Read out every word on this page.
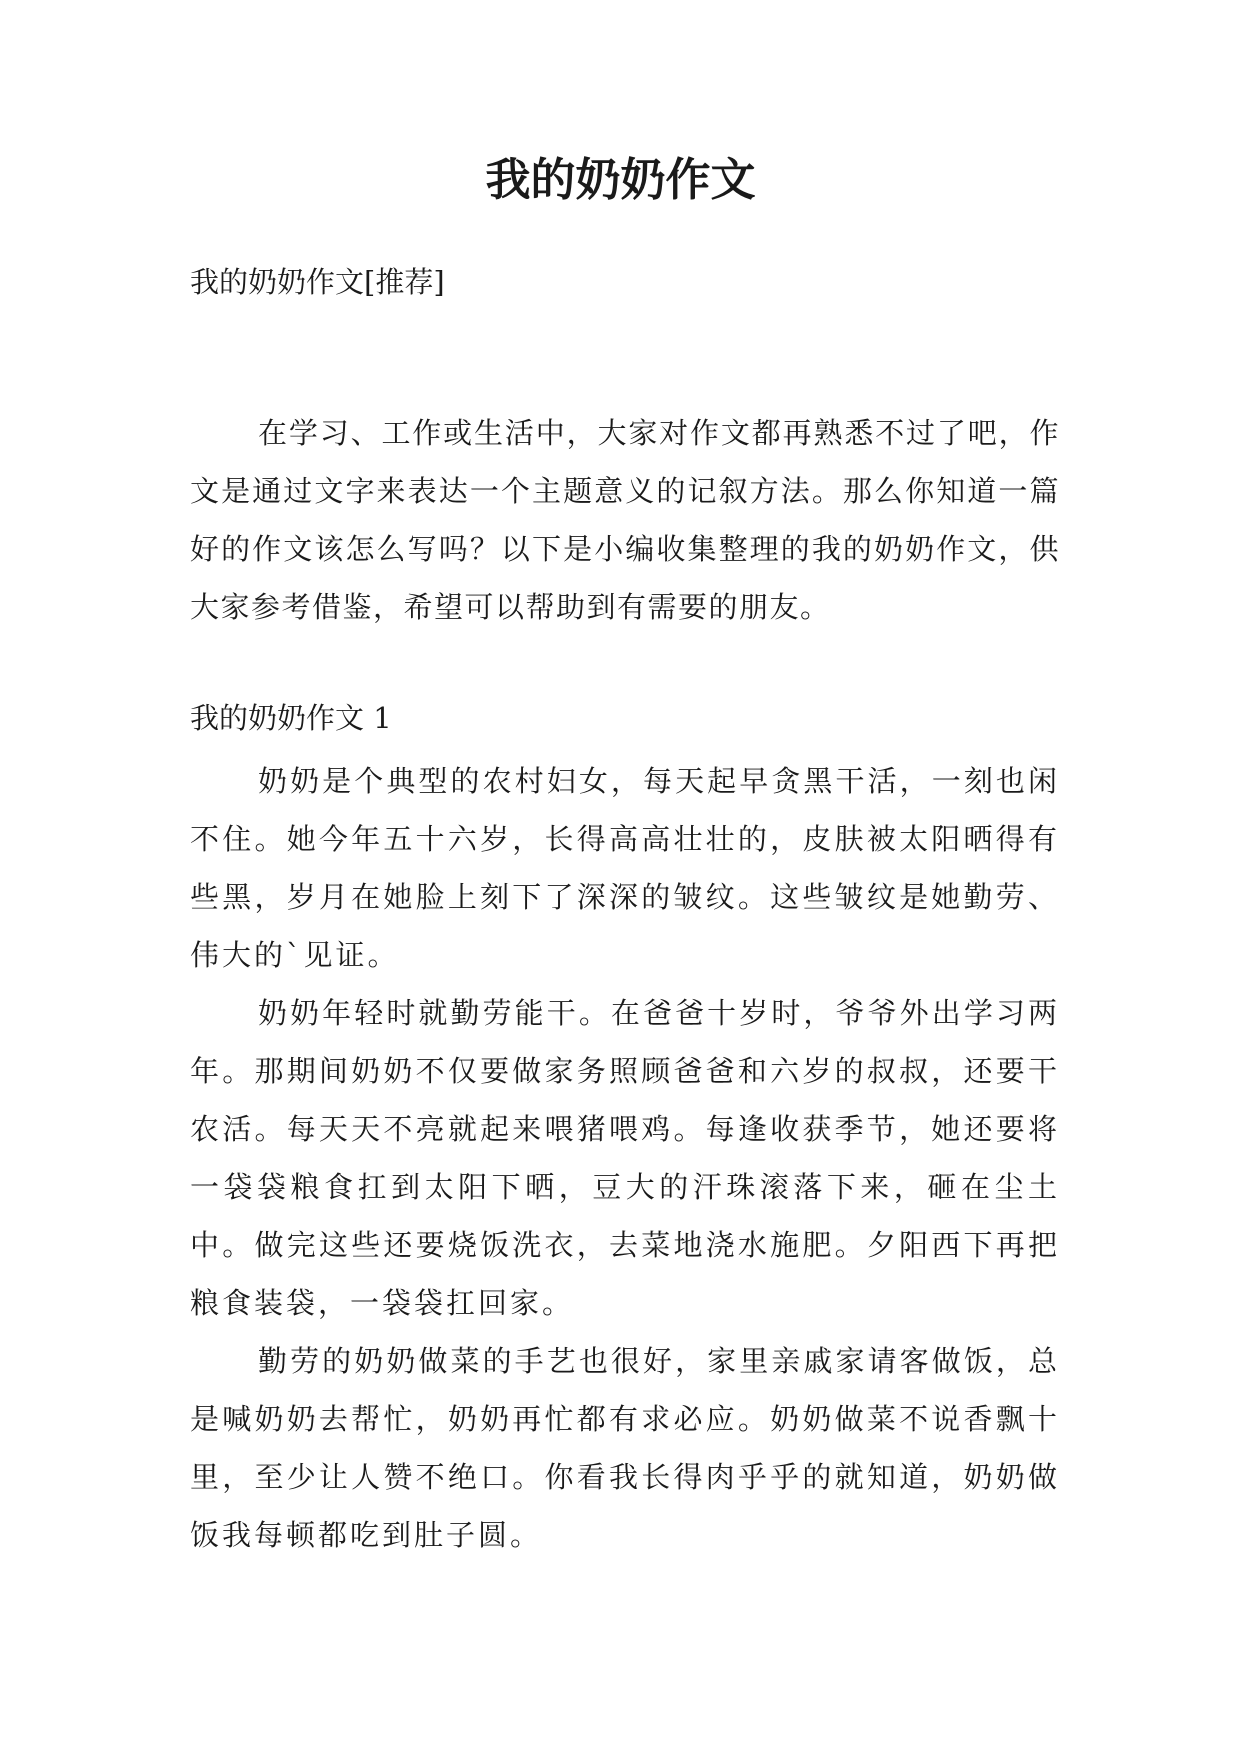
我的奶奶作文
我的奶奶作文[推荐]

在学习、工作或生活中，大家对作文都再熟悉不过了吧，作文是通过文字来表达一个主题意义的记叙方法。那么你知道一篇好的作文该怎么写吗？以下是小编收集整理的我的奶奶作文，供大家参考借鉴，希望可以帮助到有需要的朋友。

我的奶奶作文 1

奶奶是个典型的农村妇女，每天起早贪黑干活，一刻也闲不住。她今年五十六岁，长得高高壮壮的，皮肤被太阳晒得有些黑，岁月在她脸上刻下了深深的皱纹。这些皱纹是她勤劳、伟大的`见证。

奶奶年轻时就勤劳能干。在爸爸十岁时，爷爷外出学习两年。那期间奶奶不仅要做家务照顾爸爸和六岁的叔叔，还要干农活。每天天不亮就起来喂猪喂鸡。每逢收获季节，她还要将一袋袋粮食扛到太阳下晒，豆大的汗珠滚落下来，砸在尘土中。做完这些还要烧饭洗衣，去菜地浇水施肥。夕阳西下再把粮食装袋，一袋袋扛回家。

勤劳的奶奶做菜的手艺也很好，家里亲戚家请客做饭，总是喊奶奶去帮忙，奶奶再忙都有求必应。奶奶做菜不说香飘十里，至少让人赞不绝口。你看我长得肉乎乎的就知道，奶奶做饭我每顿都吃到肚子圆。
